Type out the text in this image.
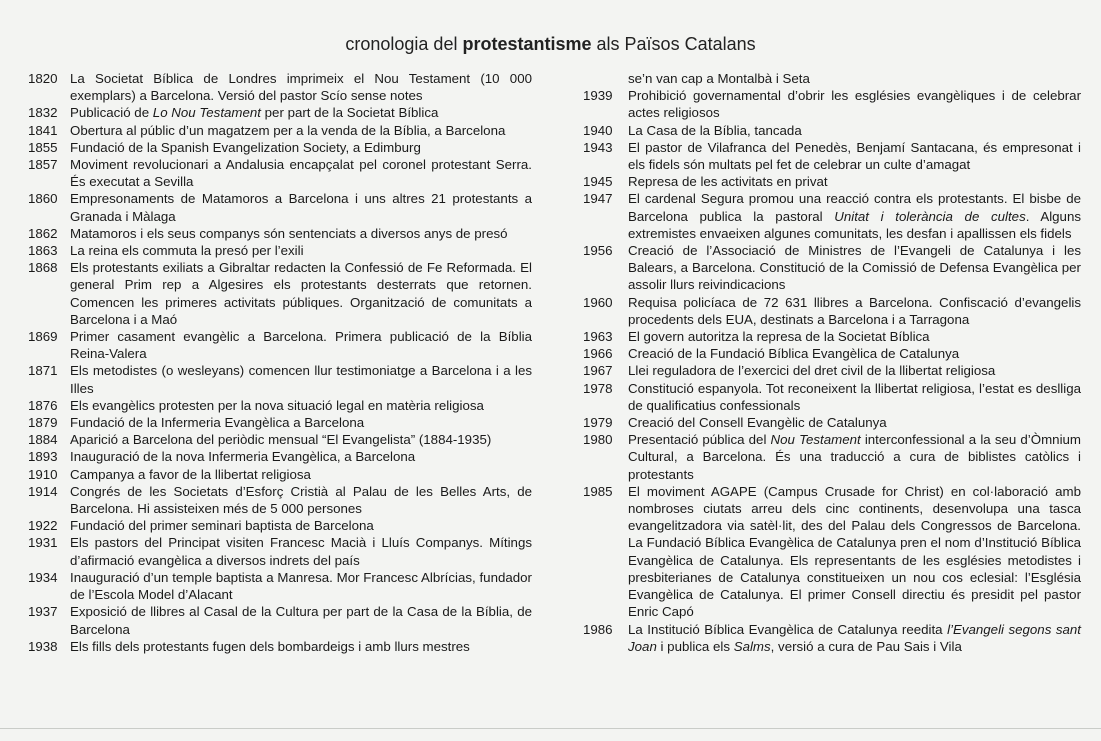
cronologia del protestantisme als Països Catalans
1820 La Societat Bíblica de Londres imprimeix el Nou Testament (10 000 exemplars) a Barcelona. Versió del pastor Scío sense notes
1832 Publicació de Lo Nou Testament per part de la Societat Bíblica
1841 Obertura al públic d’un magatzem per a la venda de la Bíblia, a Barcelona
1855 Fundació de la Spanish Evangelization Society, a Edimburg
1857 Moviment revolucionari a Andalusia encapçalat pel coronel protestant Serra. És executat a Sevilla
1860 Empresonaments de Matamoros a Barcelona i uns altres 21 protestants a Granada i Màlaga
1862 Matamoros i els seus companys són sentenciats a diversos anys de presó
1863 La reina els commuta la presó per l’exili
1868 Els protestants exiliats a Gibraltar redacten la Confessió de Fe Reformada. El general Prim rep a Algesires els protestants desterrats que retornen. Comencen les primeres activitats públiques. Organització de comunitats a Barcelona i a Maó
1869 Primer casament evangèlic a Barcelona. Primera publicació de la Bíblia Reina-Valera
1871 Els metodistes (o wesleyans) comencen llur testimoniatge a Barcelona i a les Illes
1876 Els evangèlics protesten per la nova situació legal en matèria religiosa
1879 Fundació de la Infermeria Evangèlica a Barcelona
1884 Aparició a Barcelona del periòdic mensual “El Evangelista” (1884-1935)
1893 Inauguració de la nova Infermeria Evangèlica, a Barcelona
1910 Campanya a favor de la llibertat religiosa
1914 Congrés de les Societats d’Esforç Cristià al Palau de les Belles Arts, de Barcelona. Hi assisteixen més de 5 000 persones
1922 Fundació del primer seminari baptista de Barcelona
1931 Els pastors del Principat visiten Francesc Macià i Lluís Companys. Mítings d’afirmació evangèlica a diversos indrets del país
1934 Inauguració d’un temple baptista a Manresa. Mor Francesc Albrícias, fundador de l’Escola Model d’Alacant
1937 Exposició de llibres al Casal de la Cultura per part de la Casa de la Bíblia, de Barcelona
1938 Els fills dels protestants fugen dels bombardeigs i amb llurs mestres
se’n van cap a Montalbà i Seta
1939	Prohibició governamental d’obrir les esglésies evangèliques i de celebrar actes religiosos
1940	La Casa de la Bíblia, tancada
1943	El pastor de Vilafranca del Penedès, Benjamí Santacana, és empresonat i els fidels són multats pel fet de celebrar un culte d’amagat
1945	Represa de les activitats en privat
1947	El cardenal Segura promou una reacció contra els protestants. El bisbe de Barcelona publica la pastoral Unitat i tolerància de cultes. Alguns extremistes envaeixen algunes comunitats, les desfan i apallissen els fidels
1956	Creació de l’Associació de Ministres de l’Evangeli de Catalunya i les Balears, a Barcelona. Constitució de la Comissió de Defensa Evangèlica per assolir llurs reivindicacions
1960	Requisa policíaca de 72 631 llibres a Barcelona. Confiscació d’evangelis procedents dels EUA, destinats a Barcelona i a Tarragona
1963	El govern autoritza la represa de la Societat Bíblica
1966	Creació de la Fundació Bíblica Evangèlica de Catalunya
1967	Llei reguladora de l’exercici del dret civil de la llibertat religiosa
1978	Constitució espanyola. Tot reconeixent la llibertat religiosa, l’estat es deslliga de qualificatius confessionals
1979	Creació del Consell Evangèlic de Catalunya
1980	Presentació pública del Nou Testament interconfessional a la seu d’Òmnium Cultural, a Barcelona. És una traducció a cura de biblistes catòlics i protestants
1985	El moviment AGAPE (Campus Crusade for Christ) en col·laboració amb nombroses ciutats arreu dels cinc continents, desenvolupa una tasca evangelitzadora via satèl·lit, des del Palau dels Congressos de Barcelona. La Fundació Bíblica Evangèlica de Catalunya pren el nom d’Institució Bíblica Evangèlica de Catalunya. Els representants de les esglésies metodistes i presbiterianes de Catalunya constitueixen un nou cos eclesial: l’Església Evangèlica de Catalunya. El primer Consell directiu és presidit pel pastor Enric Capó
1986	La Institució Bíblica Evangèlica de Catalunya reedita l’Evangeli segons sant Joan i publica els Salms, versió a cura de Pau Sais i Vila
